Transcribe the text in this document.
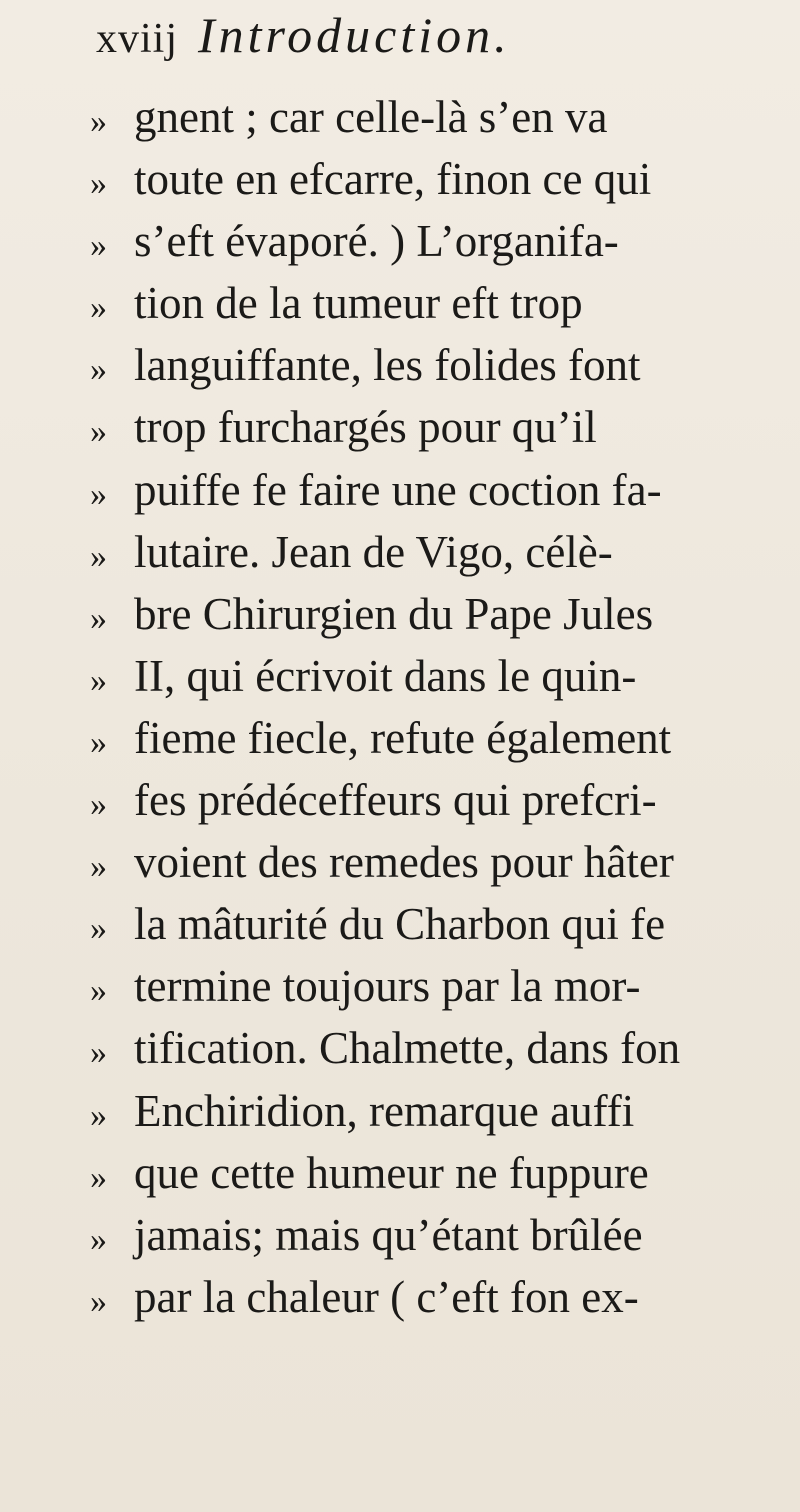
xviij Introduction.
» gnent ; car celle-là s’en va
» toute en efcarre, finon ce qui
» s’eft évaporé. ) L’organifa-
» tion de la tumeur eft trop
» languiffante, les folides font
» trop furchargés pour qu’il
» puiffe fe faire une coction fa-
» lutaire. Jean de Vigo, célè-
» bre Chirurgien du Pape Jules
» II, qui écrivoit dans le quin-
» fieme fiecle, refute également
» fes prédéceffeurs qui prefcri-
» voient des remedes pour hâter
» la mâturité du Charbon qui fe
» termine toujours par la mor-
» tification. Chalmette, dans fon
» Enchiridion, remarque auffi
» que cette humeur ne fuppure
» jamais; mais qu’étant brûlée
» par la chaleur ( c’eft fon ex-
